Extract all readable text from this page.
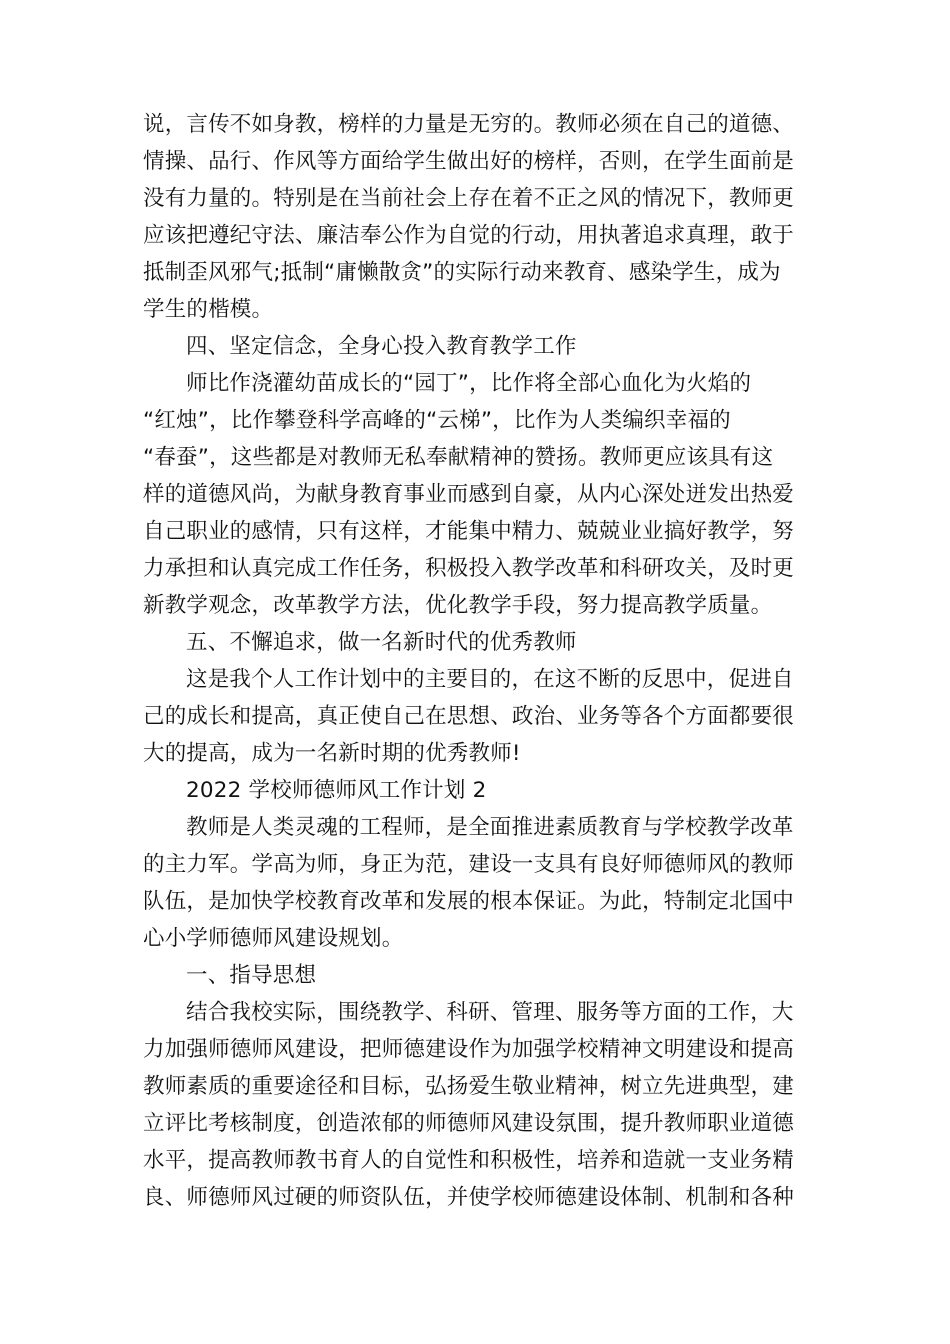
说，言传不如身教，榜样的力量是无穷的。教师必须在自己的道德、
情操、品行、作风等方面给学生做出好的榜样，否则，在学生面前是
没有力量的。特别是在当前社会上存在着不正之风的情况下，教师更
应该把遵纪守法、廉洁奉公作为自觉的行动，用执著追求真理，敢于
抵制歪风邪气;抵制“庸懒散贪”的实际行动来教育、感染学生，成为
学生的楷模。
四、坚定信念，全身心投入教育教学工作
师比作浇灌幼苗成长的“园丁”，比作将全部心血化为火焰的
“红烛”，比作攀登科学高峰的“云梯”，比作为人类编织幸福的
“春蚕”，这些都是对教师无私奉献精神的赞扬。教师更应该具有这
样的道德风尚，为献身教育事业而感到自豪，从内心深处迸发出热爱
自己职业的感情，只有这样，才能集中精力、兢兢业业搞好教学，努
力承担和认真完成工作任务，积极投入教学改革和科研攻关，及时更
新教学观念，改革教学方法，优化教学手段，努力提高教学质量。
五、不懈追求，做一名新时代的优秀教师
这是我个人工作计划中的主要目的，在这不断的反思中，促进自
己的成长和提高，真正使自己在思想、政治、业务等各个方面都要很
大的提高，成为一名新时期的优秀教师!
2022 学校师德师风工作计划 2
教师是人类灵魂的工程师，是全面推进素质教育与学校教学改革
的主力军。学高为师，身正为范，建设一支具有良好师德师风的教师
队伍，是加快学校教育改革和发展的根本保证。为此，特制定北国中
心小学师德师风建设规划。
一、指导思想
结合我校实际，围绕教学、科研、管理、服务等方面的工作，大
力加强师德师风建设，把师德建设作为加强学校精神文明建设和提高
教师素质的重要途径和目标，弘扬爱生敬业精神，树立先进典型，建
立评比考核制度，创造浓郁的师德师风建设氛围，提升教师职业道德
水平，提高教师教书育人的自觉性和积极性，培养和造就一支业务精
良、师德师风过硬的师资队伍，并使学校师德建设体制、机制和各种
